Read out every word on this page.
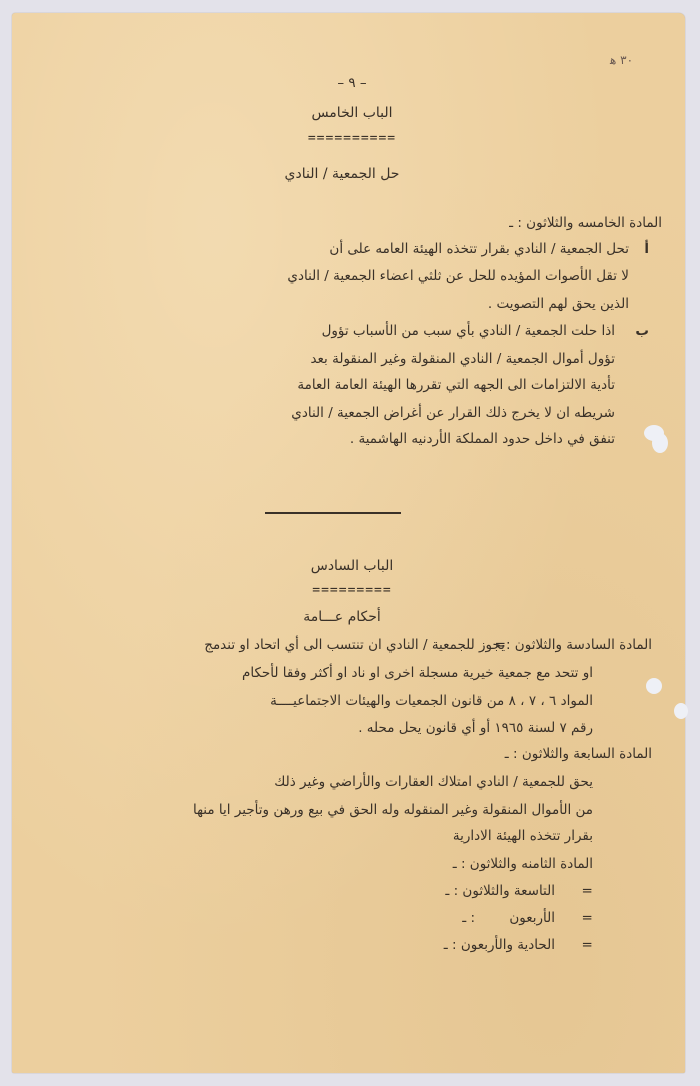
٣٠ ﻫ
– ٩ –
الباب الخامس
==========
حل الجمعية / النادي
المادة الخامسه والثلاثون : ـ
أ
تحل الجمعية / النادي بقرار تتخذه الهيئة العامه على أن
لا تقل الأصوات المؤيده للحل عن ثلثي اعضاء الجمعية / النادي
الذين يحق لهم التصويت .
ب
اذا حلت الجمعية / النادي بأي سبب من الأسباب تؤول
تؤول أموال الجمعية / النادي المنقولة وغير المنقولة بعد
تأدية الالتزامات الى الجهه التي تقررها الهيئة العامة العامة
شريطه ان لا يخرج ذلك القرار عن أغراض الجمعية / النادي
تنفق في داخل حدود المملكة الأردنيه الهاشمية .
الباب السادس
=========
أحكام عـــامة
المادة السادسة والثلاثون :=
يجوز للجمعية / النادي ان تنتسب الى أي اتحاد او تندمج
او تتحد مع جمعية خيرية مسجلة اخرى او ناد او أكثر وفقا لأحكام
المواد ٦ ، ٧ ، ٨ من قانون الجمعيات والهيئات الاجتماعيــــة
رقم ٧ لسنة ١٩٦٥ أو أي قانون يحل محله .
المادة السابعة والثلاثون : ـ
يحق للجمعية / النادي امتلاك العقارات والأراضي وغير ذلك
من الأموال المنقولة وغير المنقوله وله الحق في بيع ورهن وتأجير ايا منها
بقرار تتخذه الهيئة الادارية
المادة الثامنه والثلاثون : ـ
=
التاسعة والثلاثون : ـ
=
الأربعون        : ـ
=
الحادية والأربعون : ـ
